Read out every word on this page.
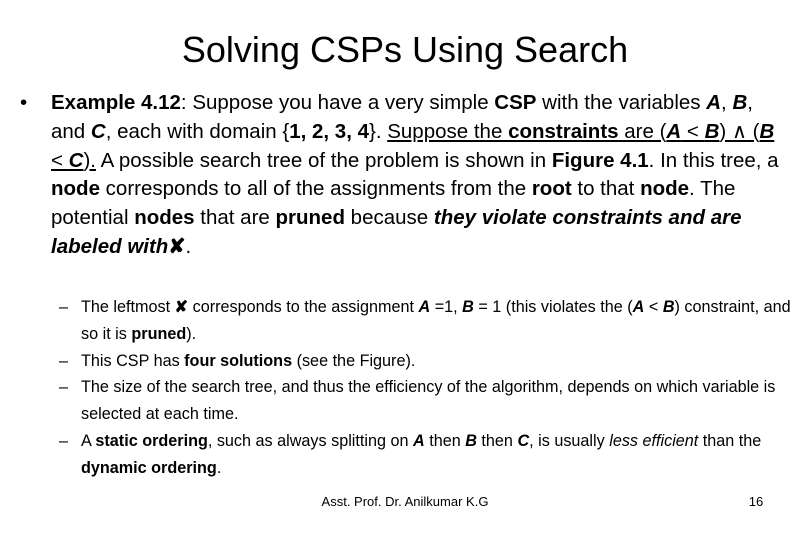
Solving CSPs Using Search
• Example 4.12: Suppose you have a very simple CSP with the variables A, B, and C, each with domain {1, 2, 3, 4}. Suppose the constraints are (A < B) ∧ (B < C). A possible search tree of the problem is shown in Figure 4.1. In this tree, a node corresponds to all of the assignments from the root to that node. The potential nodes that are pruned because they violate constraints and are labeled with✘.
– The leftmost ✘ corresponds to the assignment A =1, B = 1 (this violates the (A < B) constraint, and so it is pruned).
– This CSP has four solutions (see the Figure).
– The size of the search tree, and thus the efficiency of the algorithm, depends on which variable is selected at each time.
– A static ordering, such as always splitting on A then B then C, is usually less efficient than the dynamic ordering.
Asst. Prof. Dr. Anilkumar K.G	16
